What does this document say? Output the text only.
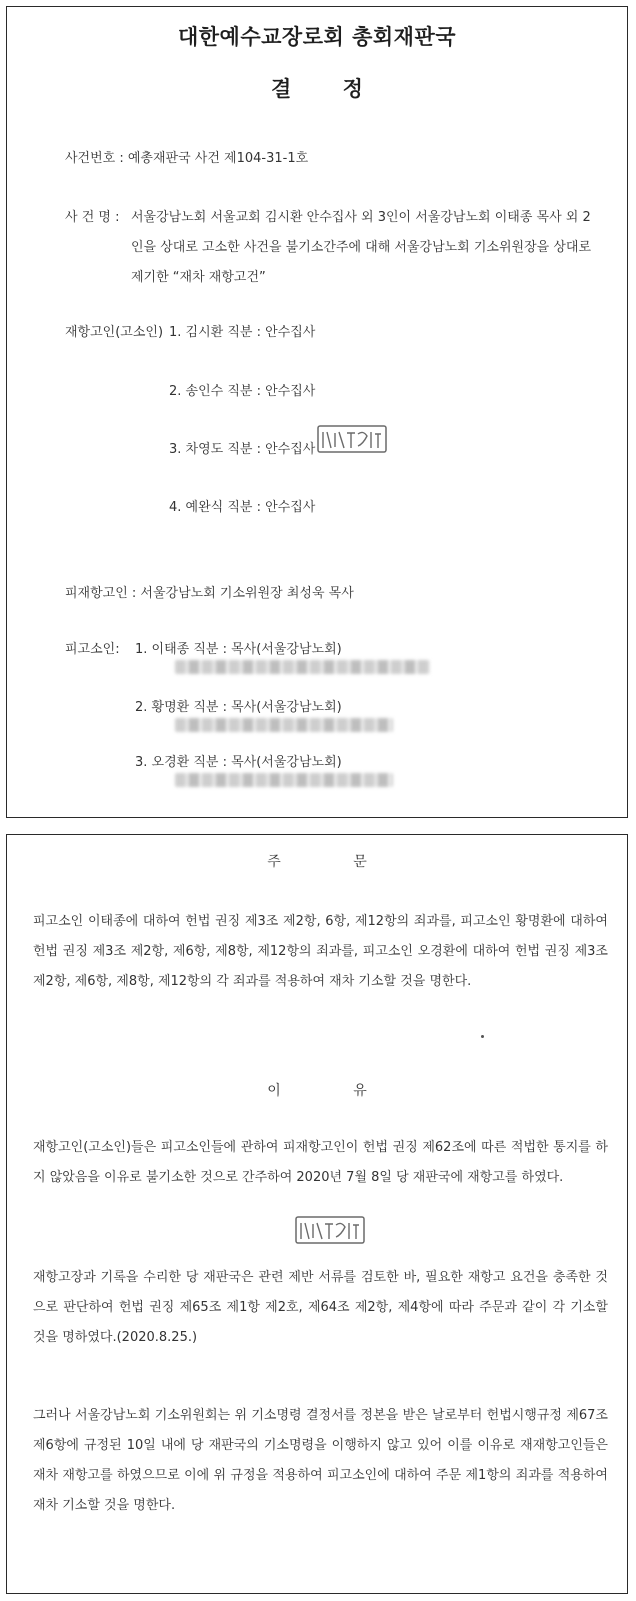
대한예수교장로회 총회재판국
결 정
사건번호 : 예총재판국 사건 제104-31-1호
사 건 명 : 서울강남노회 서울교회 김시환 안수집사 외 3인이 서울강남노회 이태종 목사 외 2
인을 상대로 고소한 사건을 불기소간주에 대해 서울강남노회 기소위원장을 상대로
제기한 “재차 재항고건”
재항고인(고소인) 1. 김시환 직분 : 안수집사
2. 송인수 직분 : 안수집사
3. 차영도 직분 : 안수집사
4. 예완식 직분 : 안수집사
피재항고인 : 서울강남노회 기소위원장 최성욱 목사
피고소인: 1. 이태종 직분 : 목사(서울강남노회)
2. 황명환 직분 : 목사(서울강남노회)
3. 오경환 직분 : 목사(서울강남노회)
주 문
피고소인 이태종에 대하여 헌법 권징 제3조 제2항, 6항, 제12항의 죄과를, 피고소인 황명환에 대하여 헌법 권징 제3조 제2항, 제6항, 제8항, 제12항의 죄과를, 피고소인 오경환에 대하여 헌법 권징 제3조 제2항, 제6항, 제8항, 제12항의 각 죄과를 적용하여 재차 기소할 것을 명한다.
이 유
재항고인(고소인)들은 피고소인들에 관하여 피재항고인이 헌법 권징 제62조에 따른 적법한 통지를 하지 않았음을 이유로 불기소한 것으로 간주하여 2020년 7월 8일 당 재판국에 재항고를 하였다.
재항고장과 기록을 수리한 당 재판국은 관련 제반 서류를 검토한 바, 필요한 재항고 요건을 충족한 것으로 판단하여 헌법 권징 제65조 제1항 제2호, 제64조 제2항, 제4항에 따라 주문과 같이 각 기소할 것을 명하였다.(2020.8.25.)
그러나 서울강남노회 기소위원회는 위 기소명령 결정서를 정본을 받은 날로부터 헌법시행규정 제67조 제6항에 규정된 10일 내에 당 재판국의 기소명령을 이행하지 않고 있어 이를 이유로 재재항고인들은 재차 재항고를 하였으므로 이에 위 규정을 적용하여 피고소인에 대하여 주문 제1항의 죄과를 적용하여 재차 기소할 것을 명한다.
